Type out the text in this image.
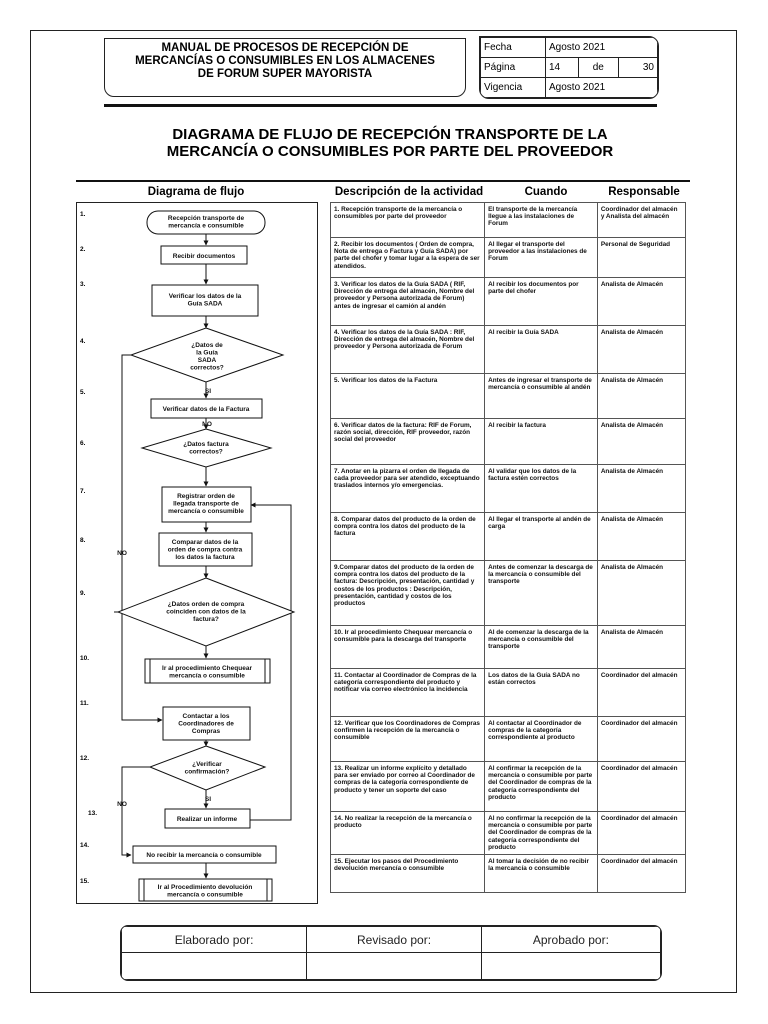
MANUAL DE PROCESOS DE RECEPCIÓN DE
MERCANCÍAS O CONSUMIBLES EN LOS ALMACENES
DE FORUM SUPER MAYORISTA
Fecha	Agosto 2021		
Página	14	de	30
Vigencia	Agosto 2021		
DIAGRAMA DE FLUJO DE RECEPCIÓN TRANSPORTE DE LA
MERCANCÍA O CONSUMIBLES POR PARTE DEL PROVEEDOR
Diagrama de flujo	Descripción de la actividad	Cuando	Responsable
1.
2.
3.
4.
5.
6.
7.
8.
9.
10.
11.
12.
13.
14.
15.
Recepción transporte de
mercancía e consumible
Recibir documentos
Verificar los datos de la
Guía SADA
¿Datos de
la Guía
SADA
correctos?
Verificar datos de la Factura
¿Datos factura
correctos?
Registrar orden de
llegada transporte de
mercancía o consumible
Comparar datos de la
orden de compra contra
los datos la factura
¿Datos orden de compra
coinciden con datos de la
factura?
Ir al procedimiento Chequear
mercancía o consumible
Contactar a los
Coordinadores de
Compras
¿Verificar
confirmación?
Realizar un informe
No recibir la mercancía o consumible
Ir al Procedimiento devolución
mercancía o consumible
SI
NO
NO
SI
NO
1. Recepción transporte de la mercancía o consumibles por parte del proveedor	El transporte de la mercancía llegue a las instalaciones de Forum	Coordinador del almacén y Analista del almacén
2. Recibir los documentos ( Orden de compra, Nota de entrega o Factura y Guía SADA) por parte del chofer y tomar lugar a la espera de ser atendidos.	Al llegar el transporte del proveedor a las instalaciones de Forum	Personal de Seguridad
3. Verificar los datos de la Guía SADA ( RIF, Dirección de entrega del almacén, Nombre del proveedor y Persona autorizada de Forum) antes de ingresar el camión al andén	Al recibir los documentos por parte del chofer	Analista de Almacén
4. Verificar los datos de la Guía SADA : RIF, Dirección de entrega del almacén, Nombre del proveedor y Persona autorizada de Forum	Al recibir la Guía SADA	Analista de Almacén
5. Verificar los datos de la Factura	Antes de ingresar el transporte de mercancía o consumible al andén	Analista de Almacén
6. Verificar datos de la factura: RIF de Forum, razón social, dirección, RIF proveedor, razón social del proveedor	Al recibir la factura	Analista de Almacén
7. Anotar en la pizarra el orden de llegada de cada proveedor para ser atendido, exceptuando traslados internos y/o emergencias.	Al validar que los datos de la factura estén correctos	Analista de Almacén
8. Comparar datos del producto de la orden de compra contra los datos del producto de la factura	Al llegar el transporte al andén de carga	Analista de Almacén
9.Comparar datos del producto de la orden de compra contra los datos del producto de la factura: Descripción, presentación, cantidad y costos de los productos : Descripción, presentación, cantidad y costos de los productos	Antes de comenzar la descarga de la mercancía o consumible del transporte	Analista de Almacén
10. Ir al procedimiento Chequear mercancía o consumible para la descarga del transporte	Al de comenzar la descarga de la mercancía o consumible del transporte	Analista de Almacén
11. Contactar al Coordinador de Compras de la categoría correspondiente del producto y notificar vía correo electrónico la incidencia	Los datos de la Guía SADA no están correctos	Coordinador del almacén
12. Verificar que los Coordinadores de Compras confirmen la recepción de la mercancía o consumible	Al contactar al Coordinador de compras de la categoría correspondiente al producto	Coordinador del almacén
13. Realizar un informe explícito y detallado para ser enviado por correo al Coordinador de compras de la categoría correspondiente de producto y tener un soporte del caso	Al confirmar la recepción de la mercancía o consumible por parte del Coordinador de compras de la categoría correspondiente del producto	Coordinador del almacén
14. No realizar la recepción de la mercancía o producto	Al no confirmar la recepción de la mercancía o consumible por parte del Coordinador de compras de la categoría correspondiente del producto	Coordinador del almacén
15. Ejecutar los pasos del Procedimiento devolución mercancía o consumible	Al tomar la decisión de no recibir la mercancía o consumible	Coordinador del almacén
Elaborado por:	Revisado por:	Aprobado por:
